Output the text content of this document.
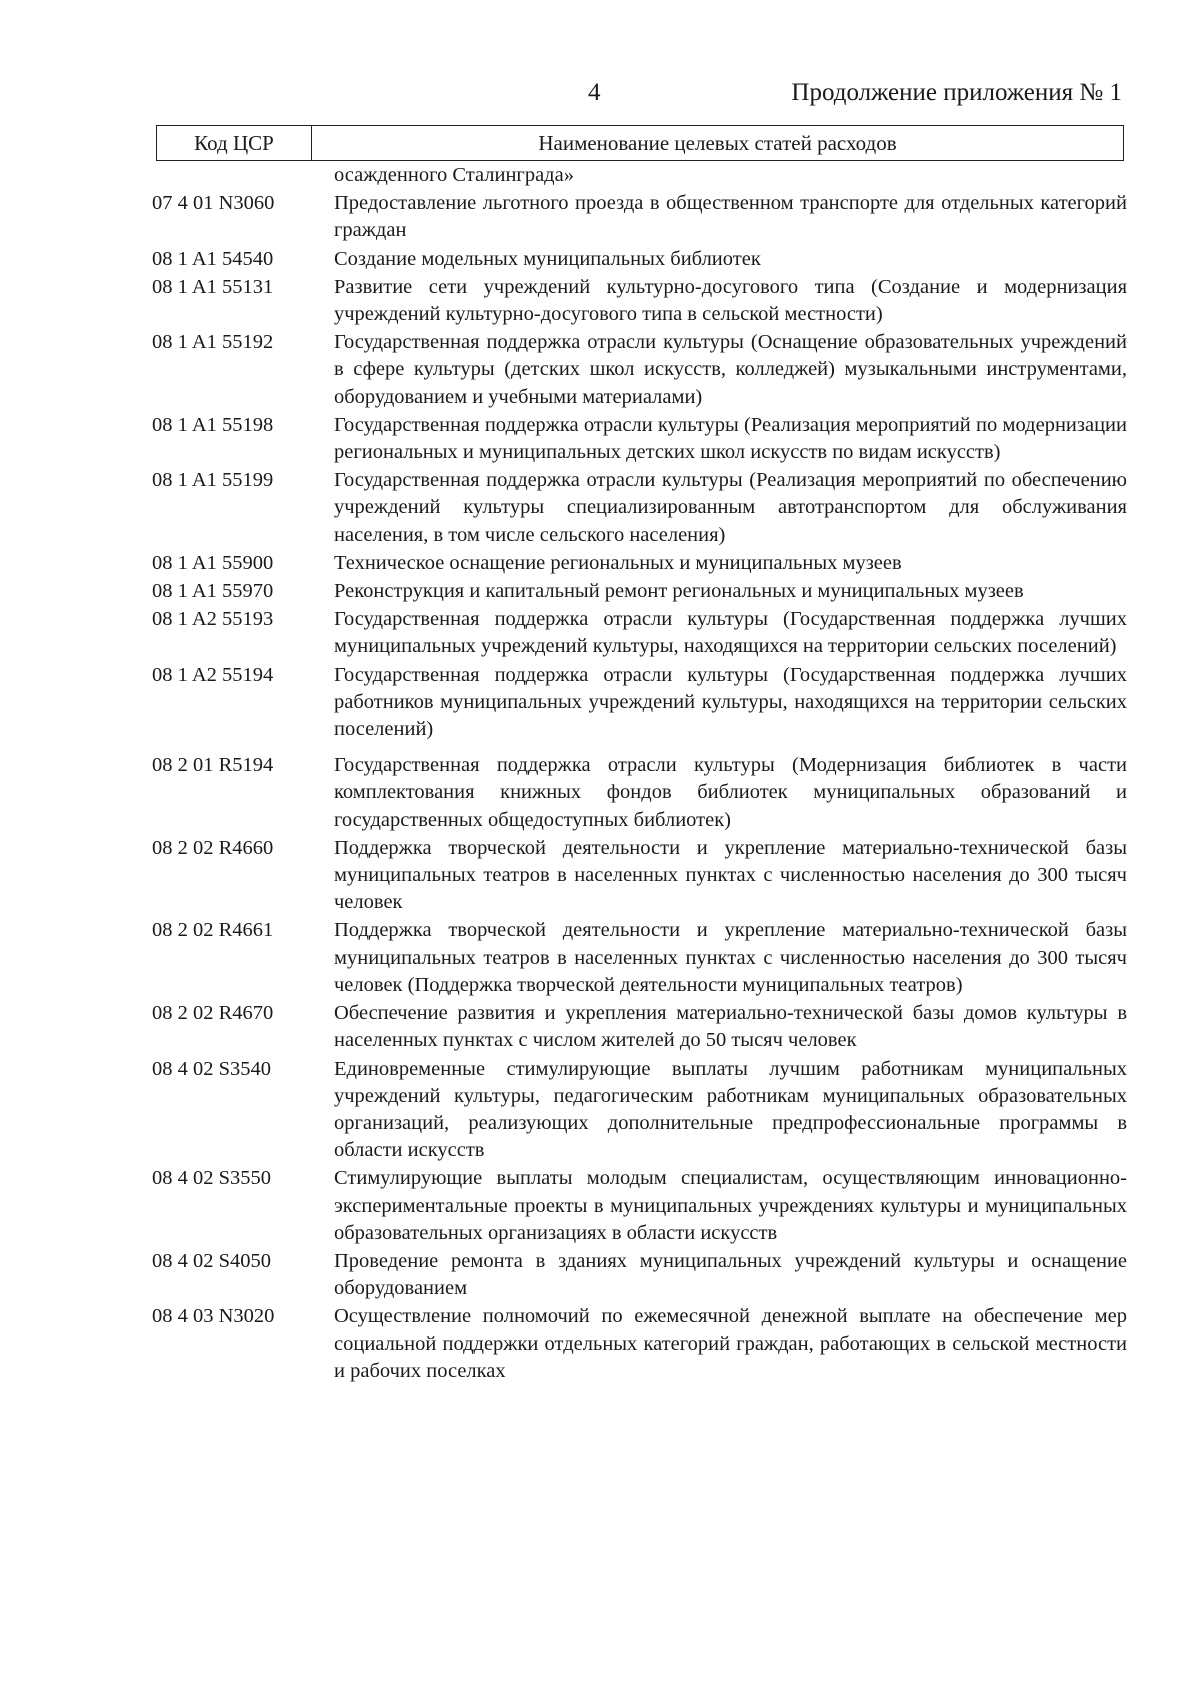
4	Продолжение приложения № 1
Код ЦСР	Наименование целевых статей расходов
осажденного Сталинграда»
07 4 01 N3060	Предоставление льготного проезда в общественном транспорте для отдельных категорий граждан
08 1 A1 54540	Создание модельных муниципальных библиотек
08 1 A1 55131	Развитие сети учреждений культурно-досугового типа (Создание и модернизация учреждений культурно-досугового типа в сельской местности)
08 1 A1 55192	Государственная поддержка отрасли культуры (Оснащение образовательных учреждений в сфере культуры (детских школ искусств, колледжей) музыкальными инструментами, оборудованием и учебными материалами)
08 1 A1 55198	Государственная поддержка отрасли культуры (Реализация мероприятий по модернизации региональных и муниципальных детских школ искусств по видам искусств)
08 1 A1 55199	Государственная поддержка отрасли культуры (Реализация мероприятий по обеспечению учреждений культуры специализированным автотранспортом для обслуживания населения, в том числе сельского населения)
08 1 A1 55900	Техническое оснащение региональных и муниципальных музеев
08 1 A1 55970	Реконструкция и капитальный ремонт региональных и муниципальных музеев
08 1 A2 55193	Государственная поддержка отрасли культуры (Государственная поддержка лучших муниципальных учреждений культуры, находящихся на территории сельских поселений)
08 1 A2 55194	Государственная поддержка отрасли культуры (Государственная поддержка лучших работников муниципальных учреждений культуры, находящихся на территории сельских поселений)
08 2 01 R5194	Государственная поддержка отрасли культуры (Модернизация библиотек в части комплектования книжных фондов библиотек муниципальных образований и государственных общедоступных библиотек)
08 2 02 R4660	Поддержка творческой деятельности и укрепление материально-технической базы муниципальных театров в населенных пунктах с численностью населения до 300 тысяч человек
08 2 02 R4661	Поддержка творческой деятельности и укрепление материально-технической базы муниципальных театров в населенных пунктах с численностью населения до 300 тысяч человек (Поддержка творческой деятельности муниципальных театров)
08 2 02 R4670	Обеспечение развития и укрепления материально-технической базы домов культуры в населенных пунктах с числом жителей до 50 тысяч человек
08 4 02 S3540	Единовременные стимулирующие выплаты лучшим работникам муниципальных учреждений культуры, педагогическим работникам муниципальных образовательных организаций, реализующих дополнительные предпрофессиональные программы в области искусств
08 4 02 S3550	Стимулирующие выплаты молодым специалистам, осуществляющим инновационно-экспериментальные проекты в муниципальных учреждениях культуры и муниципальных образовательных организациях в области искусств
08 4 02 S4050	Проведение ремонта в зданиях муниципальных учреждений культуры и оснащение оборудованием
08 4 03 N3020	Осуществление полномочий по ежемесячной денежной выплате на обеспечение мер социальной поддержки отдельных категорий граждан, работающих в сельской местности и рабочих поселках
